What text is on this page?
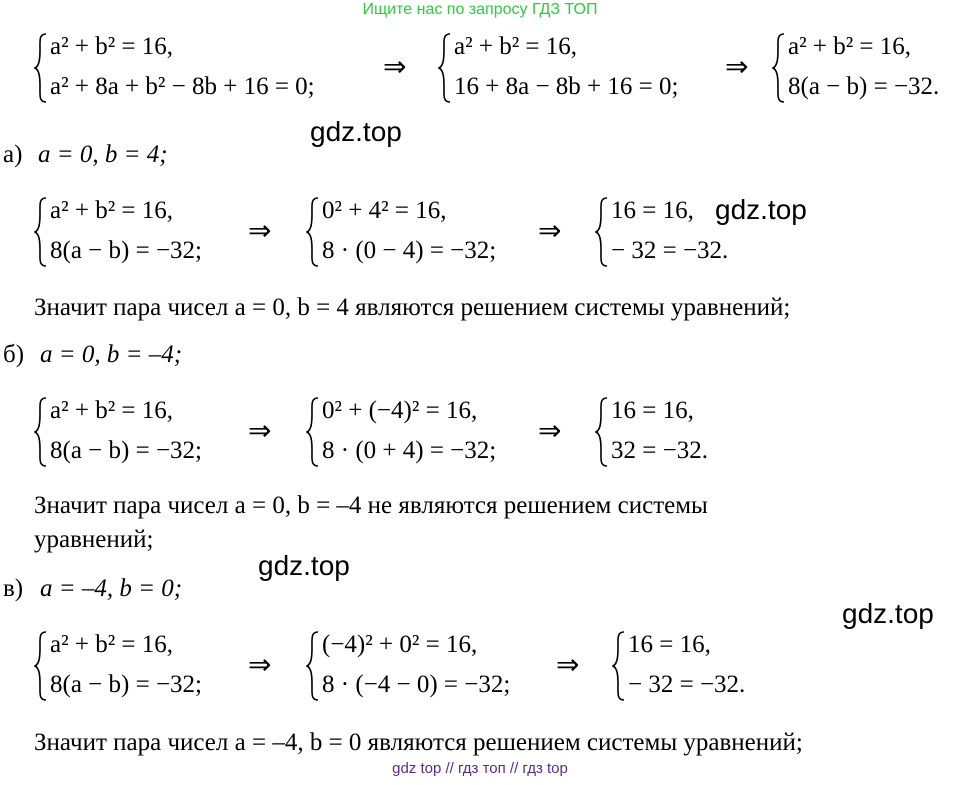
Ищите нас по запросу ГДЗ ТОП
a² + b² = 16,
a² + 8a + b² − 8b + 16 = 0;
⇒
a² + b² = 16,
16 + 8a − 8b + 16 = 0;
⇒
a² + b² = 16,
8(a − b) = −32.
gdz.top
а) a = 0, b = 4;
a² + b² = 16,
8(a − b) = −32;
⇒
0² + 4² = 16,
8 · (0 − 4) = −32;
⇒
16 = 16,
− 32 = −32.
gdz.top
Значит пара чисел a = 0, b = 4 являются решением системы уравнений;
б) a = 0, b = –4;
a² + b² = 16,
8(a − b) = −32;
⇒
0² + (−4)² = 16,
8 · (0 + 4) = −32;
⇒
16 = 16,
32 = −32.
Значит пара чисел a = 0, b = –4 не являются решением системы
уравнений;
gdz.top
в) a = –4, b = 0;
gdz.top
a² + b² = 16,
8(a − b) = −32;
⇒
(−4)² + 0² = 16,
8 · (−4 − 0) = −32;
⇒
16 = 16,
− 32 = −32.
Значит пара чисел a = –4, b = 0 являются решением системы уравнений;
gdz top // гдз топ // гдз top
